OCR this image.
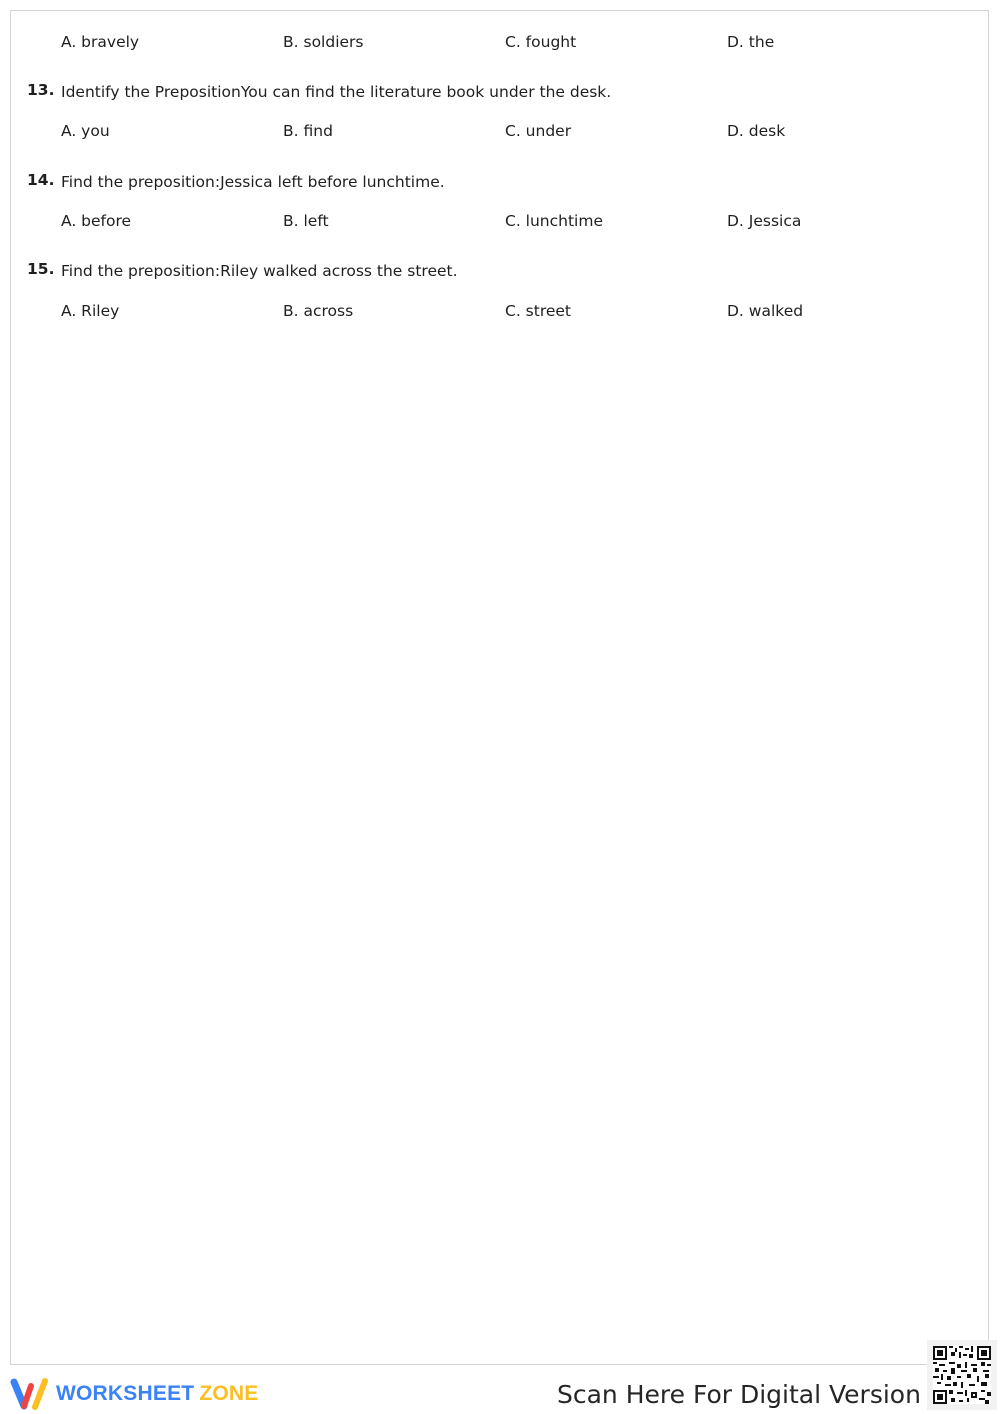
A. bravely	B. soldiers	C. fought	D. the
13. Identify the PrepositionYou can find the literature book under the desk.
A. you	B. find	C. under	D. desk
14. Find the preposition:Jessica left before lunchtime.
A. before	B. left	C. lunchtime	D. Jessica
15. Find the preposition:Riley walked across the street.
A. Riley	B. across	C. street	D. walked
WORKSHEET ZONE	Scan Here For Digital Version
